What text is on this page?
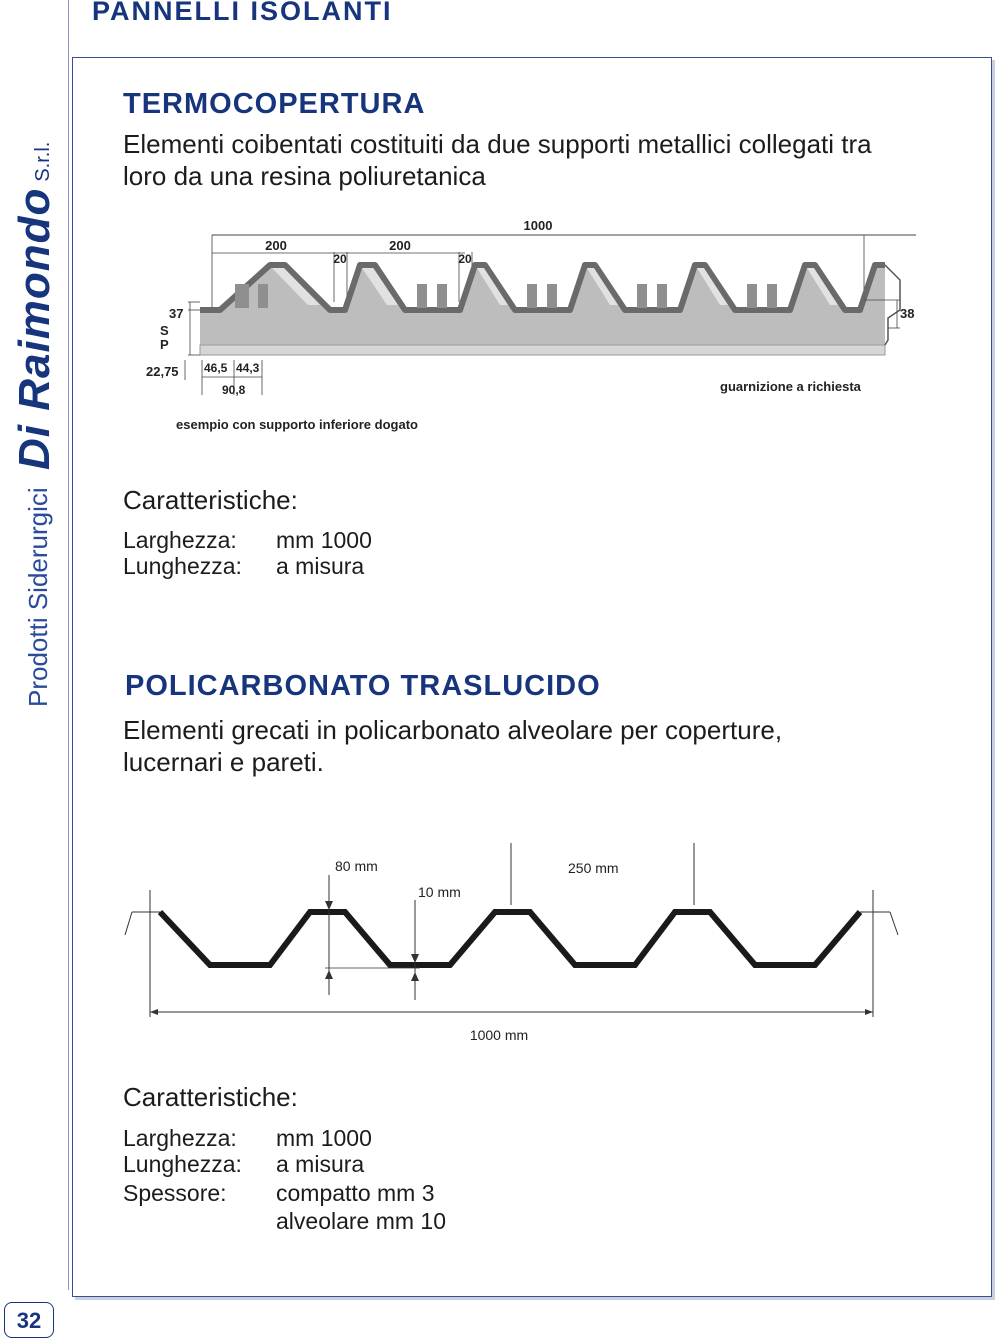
PANNELLI ISOLANTI
Di RaimondoS.r.l.
Prodotti Siderurgici
TERMOCOPERTURA
Elementi coibentati costituiti da due supporti metallici collegati tra loro da una resina poliuretanica
1000
200	200
20	20
38
37
S
P
22,75 46,5 44,3
90,8	guarnizione a richiesta
esempio con supporto inferiore dogato
Caratteristiche:
Larghezza: mm 1000
Lunghezza: a misura
POLICARBONATO TRASLUCIDO
Elementi grecati in policarbonato alveolare per coperture, lucernari e pareti.
1000 mm
80 mm
10 mm
250 mm
Caratteristiche:
Larghezza: mm 1000
Lunghezza: a misura
Spessore: compatto mm 3
alveolare mm 10
32
